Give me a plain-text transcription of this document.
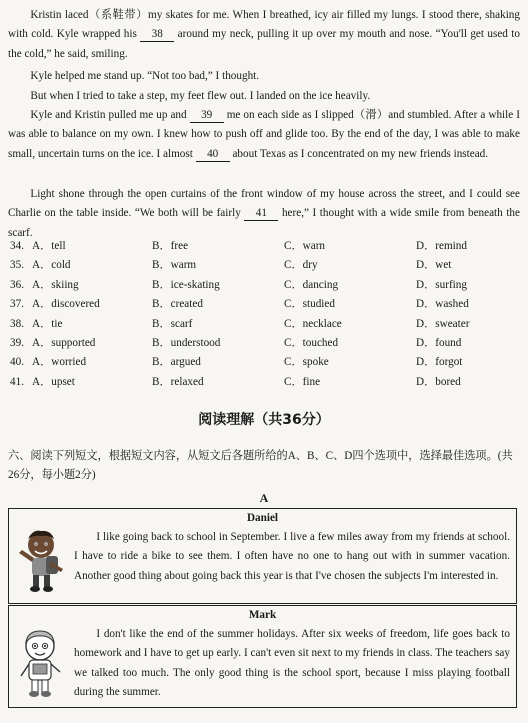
Kristin laced（系鞋带）my skates for me. When I breathed, icy air filled my lungs. I stood there, shaking with cold. Kyle wrapped his 38 around my neck, pulling it up over my mouth and nose. “You'll get used to the cold,” he said, smiling.
Kyle helped me stand up. “Not too bad,” I thought.
But when I tried to take a step, my feet flew out. I landed on the ice heavily.
Kyle and Kristin pulled me up and 39 me on each side as I slipped（滑）and stumbled. After a while I was able to balance on my own. I knew how to push off and glide too. By the end of the day, I was able to make small, uncertain turns on the ice. I almost 40 about Texas as I concentrated on my new friends instead.
Light shone through the open curtains of the front window of my house across the street, and I could see Charlie on the table inside. “We both will be fairly 41 here,” I thought with a wide smile from beneath the scarf.
34.	A．tell	B．free	C．warn	D．remind
35.	A．cold	B．warm	C．dry	D．wet
36.	A．skiing	B．ice-skating	C．dancing	D．surfing
37.	A．discovered	B．created	C．studied	D．washed
38.	A．tie	B．scarf	C．necklace	D．sweater
39.	A．supported	B．understood	C．touched	D．found
40.	A．worried	B．argued	C．spoke	D．forgot
41.	A．upset	B．relaxed	C．fine	D．bored
阅读理解（共36分）
六、阅读下列短文，根据短文内容，从短文后各题所给的A、B、C、D四个选项中，选择最佳选项。(共26分，每小题2分)
A
Daniel
I like going back to school in September. I live a few miles away from my friends at school. I have to ride a bike to see them. I often have no one to hang out with in summer vacation. Another good thing about going back this year is that I've chosen the subjects I'm interested in.
Mark
I don't like the end of the summer holidays. After six weeks of freedom, life goes back to homework and I have to get up early. I can't even sit next to my friends in class. The teachers say we talked too much. The only good thing is the school sport, because I miss playing football during the summer.
